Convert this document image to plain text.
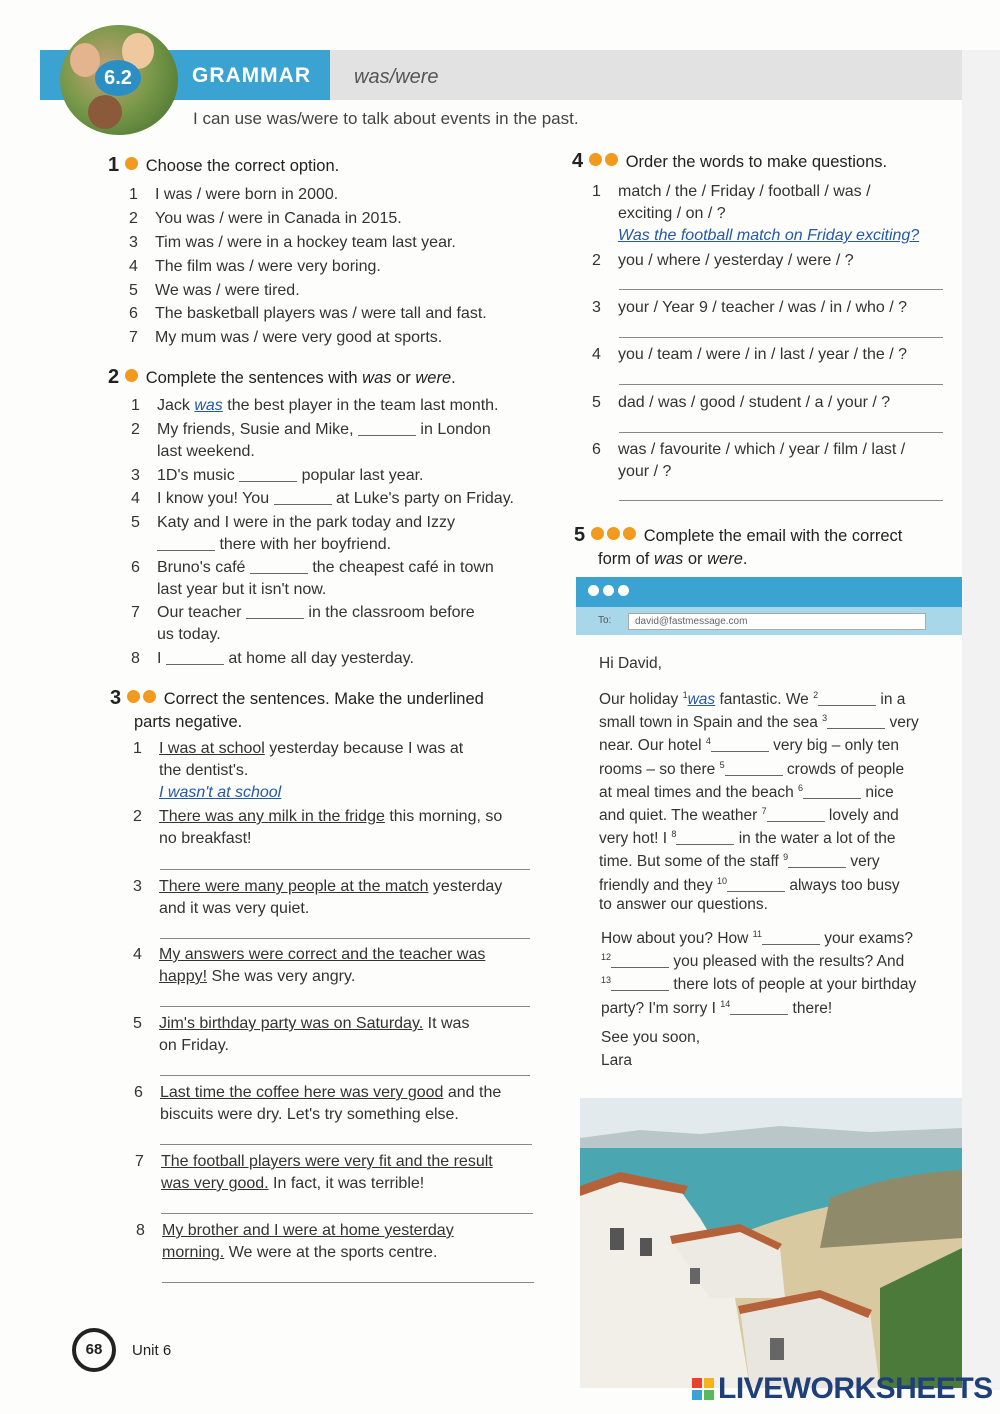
6.2	GRAMMAR was/were
I can use was/were to talk about events in the past.
1 Choose the correct option.
1	I was / were born in 2000.
2	You was / were in Canada in 2015.
3	Tim was / were in a hockey team last year.
4	The film was / were very boring.
5	We was / were tired.
6	The basketball players was / were tall and fast.
7	My mum was / were very good at sports.
2 Complete the sentences with was or were.
1	Jack was the best player in the team last month.
2	My friends, Susie and Mike,	in London
last weekend.
3	1D's music	popular last year.
4	I know you! You	at Luke's party on Friday.
5	Katy and I were in the park today and Izzy
there with her boyfriend.
6	Bruno's café	the cheapest café in town
last year but it isn't now.
7	Our teacher	in the classroom before
us today.
8	I	at home all day yesterday.
3	Correct the sentences. Make the underlined
parts negative.
1	I was at school yesterday because I was at
the dentist's.
I wasn't at school
2	There was any milk in the fridge this morning, so
no breakfast!
3	There were many people at the match yesterday
and it was very quiet.
4	My answers were correct and the teacher was
happy! She was very angry.
5	Jim's birthday party was on Saturday. It was
on Friday.
6	Last time the coffee here was very good and the
biscuits were dry. Let's try something else.
7	The football players were very fit and the result
was very good. In fact, it was terrible!
8	My brother and I were at home yesterday
morning. We were at the sports centre.
4	Order the words to make questions.
1	match / the / Friday / football / was /
exciting / on / ?
Was the football match on Friday exciting?
2	you / where / yesterday / were / ?
3	your / Year 9 / teacher / was / in / who / ?
4	you / team / were / in / last / year / the / ?
5	dad / was / good / student / a / your / ?
6	was / favourite / which / year / film / last /
your / ?
5	Complete the email with the correct
form of was or were.
To:	david@fastmessage.com
Hi David,
Our holiday $^1$was fantastic. We $^2$	in a
small town in Spain and the sea $^3$	very
near. Our hotel $^4$	very big – only ten
rooms – so there $^5$	crowds of people
at meal times and the beach $^6$	nice
and quiet. The weather $^7$	lovely and
very hot! I $^8$	in the water a lot of the
time. But some of the staff $^9$	very
friendly and they $^{10}$	always too busy
to answer our questions.
How about you? How $^{11}$	your exams?
$^{12}$	you pleased with the results? And
$^{13}$	there lots of people at your birthday
party? I'm sorry I $^{14}$	there!
See you soon,
Lara
68	Unit 6
LIVEWORKSHEETS
